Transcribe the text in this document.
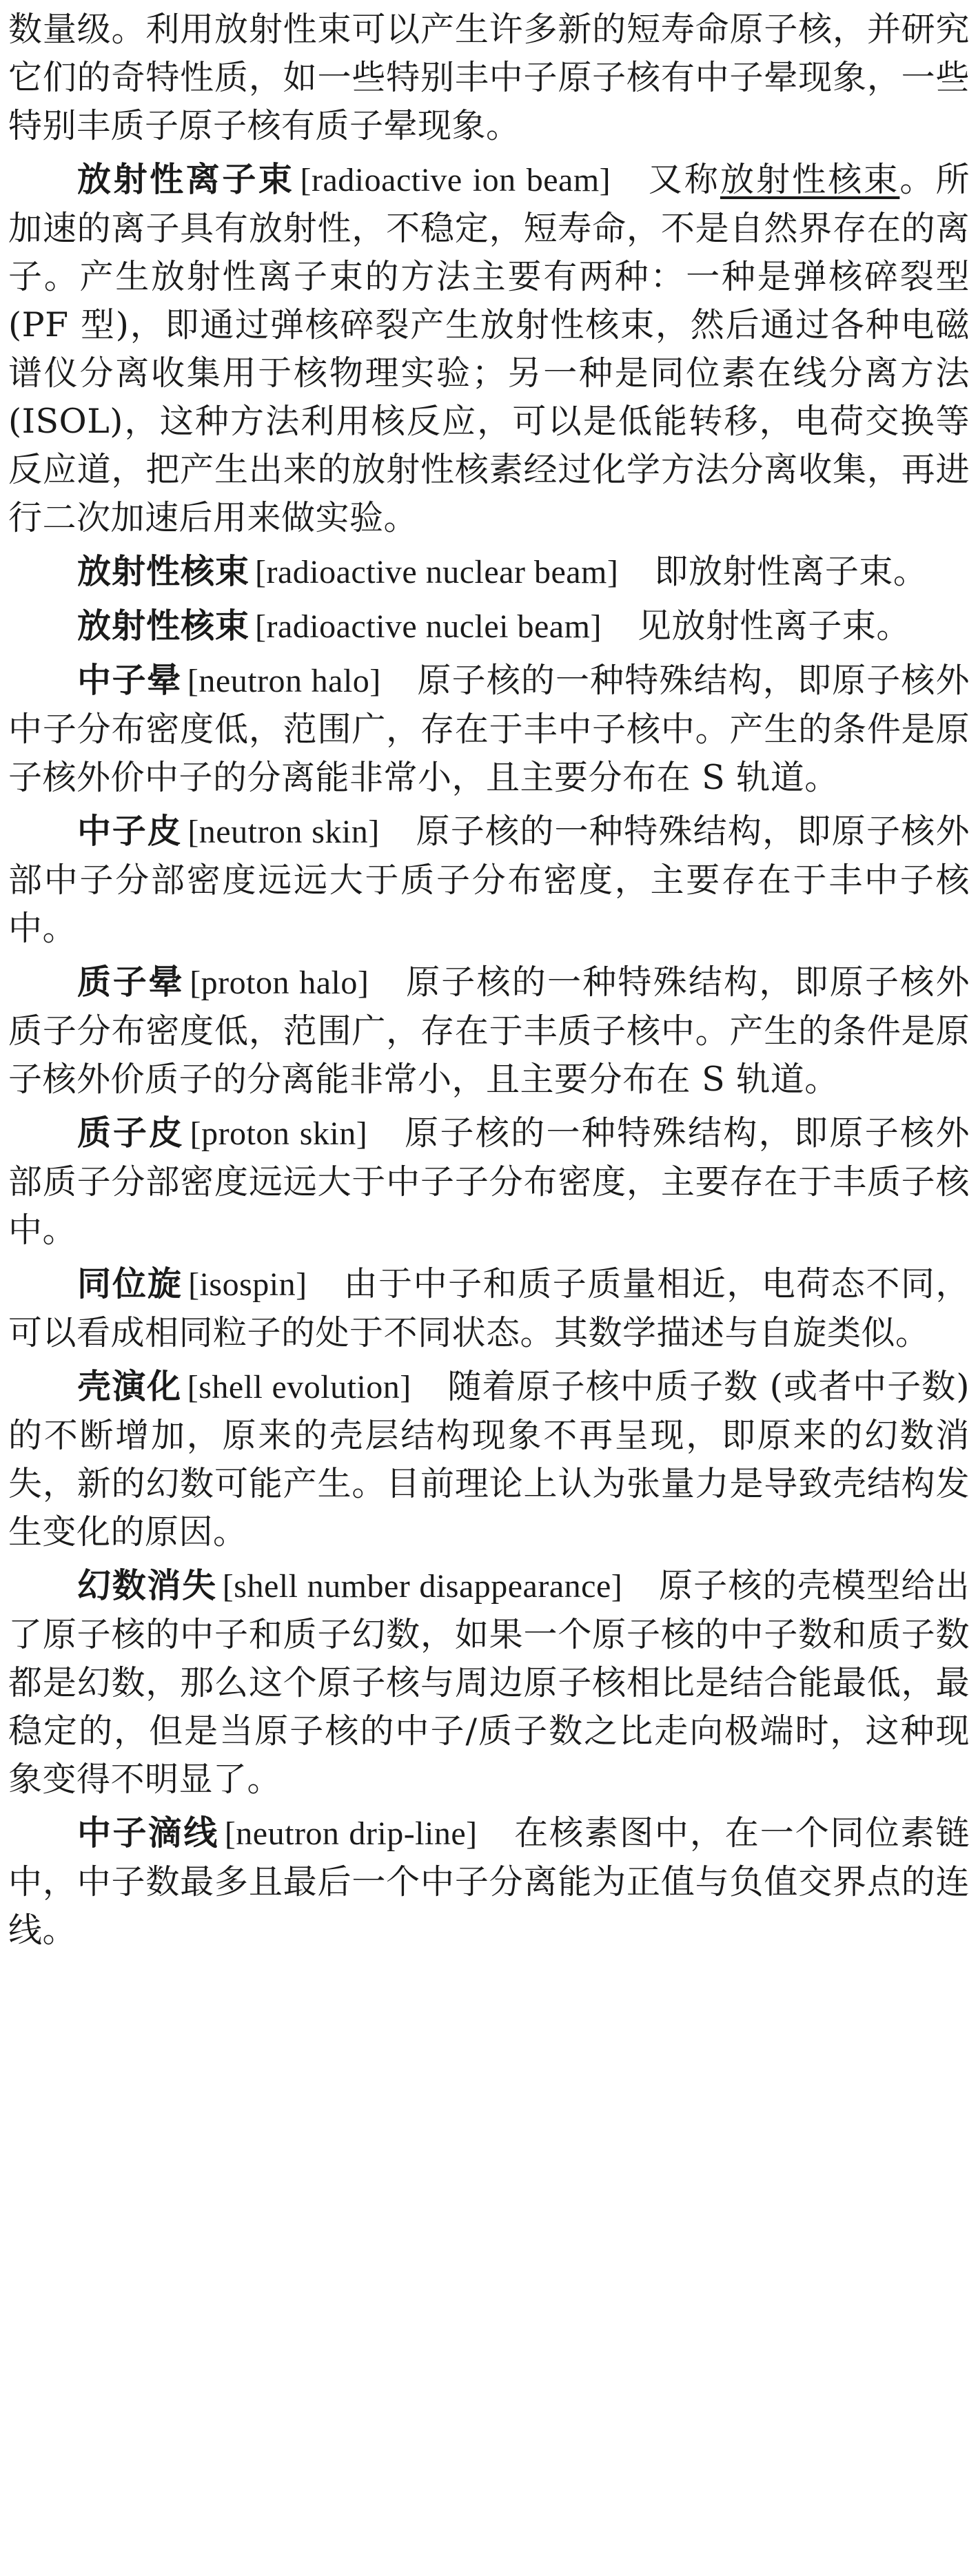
数量级。利用放射性束可以产生许多新的短寿命原子核，并研究它们的奇特性质，如一些特别丰中子原子核有中子晕现象，一些特别丰质子原子核有质子晕现象。

放射性离子束 [radioactive ion beam] 又称放射性核束。所加速的离子具有放射性，不稳定，短寿命，不是自然界存在的离子。产生放射性离子束的方法主要有两种：一种是弹核碎裂型 (PF 型)，即通过弹核碎裂产生放射性核束，然后通过各种电磁谱仪分离收集用于核物理实验；另一种是同位素在线分离方法 (ISOL)，这种方法利用核反应，可以是低能转移，电荷交换等反应道，把产生出来的放射性核素经过化学方法分离收集，再进行二次加速后用来做实验。

放射性核束 [radioactive nuclear beam] 即放射性离子束。

放射性核束 [radioactive nuclei beam] 见放射性离子束。

中子晕 [neutron halo] 原子核的一种特殊结构，即原子核外中子分布密度低，范围广，存在于丰中子核中。产生的条件是原子核外价中子的分离能非常小，且主要分布在 S 轨道。

中子皮 [neutron skin] 原子核的一种特殊结构，即原子核外部中子分部密度远远大于质子分布密度，主要存在于丰中子核中。

质子晕 [proton halo] 原子核的一种特殊结构，即原子核外质子分布密度低，范围广，存在于丰质子核中。产生的条件是原子核外价质子的分离能非常小，且主要分布在 S 轨道。

质子皮 [proton skin] 原子核的一种特殊结构，即原子核外部质子分部密度远远大于中子子分布密度，主要存在于丰质子核中。

同位旋 [isospin] 由于中子和质子质量相近，电荷态不同，可以看成相同粒子的处于不同状态。其数学描述与自旋类似。

壳演化 [shell evolution] 随着原子核中质子数 (或者中子数) 的不断增加，原来的壳层结构现象不再呈现，即原来的幻数消失，新的幻数可能产生。目前理论上认为张量力是导致壳结构发生变化的原因。

幻数消失 [shell number disappearance] 原子核的壳模型给出了原子核的中子和质子幻数，如果一个原子核的中子数和质子数都是幻数，那么这个原子核与周边原子核相比是结合能最低，最稳定的，但是当原子核的中子/质子数之比走向极端时，这种现象变得不明显了。

中子滴线 [neutron drip-line] 在核素图中，在一个同位素链中，中子数最多且最后一个中子分离能为正值与负值交界点的连线。
